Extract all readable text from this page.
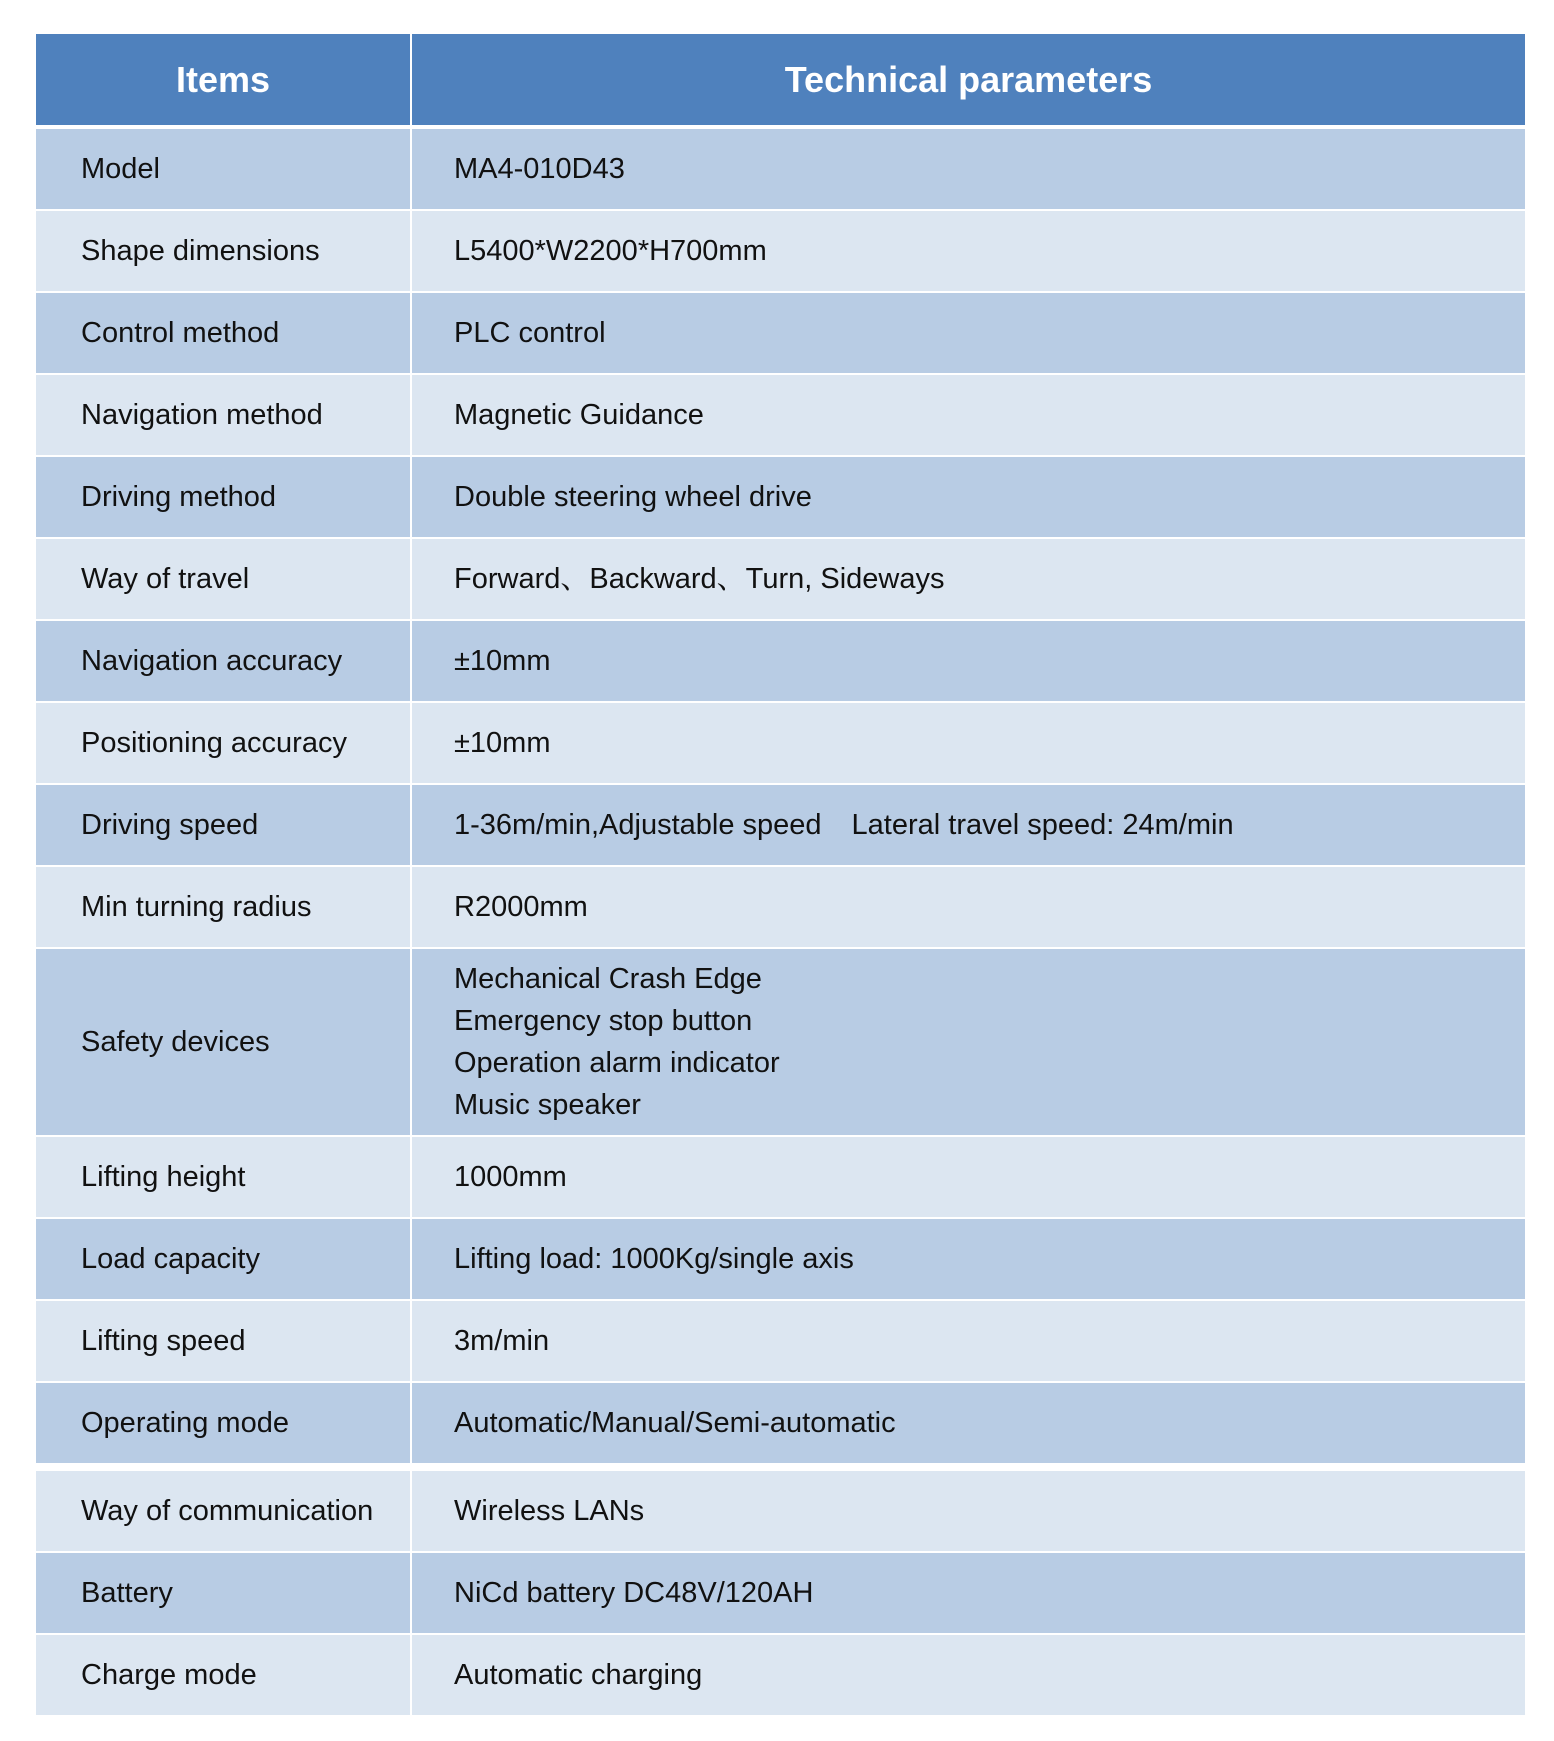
Items	Technical parameters
Model	MA4-010D43
Shape dimensions	L5400*W2200*H700mm
Control method	PLC control
Navigation method	Magnetic Guidance
Driving method	Double steering wheel drive
Way of travel	Forward、Backward、Turn, Sideways
Navigation accuracy	±10mm
Positioning accuracy	±10mm
Driving speed	1-36m/min,Adjustable speed Lateral travel speed: 24m/min
Min turning radius	R2000mm
Safety devices	Mechanical Crash Edge
Emergency stop button
Operation alarm indicator
Music speaker

Lifting height	1000mm
Load capacity	Lifting load: 1000Kg/single axis
Lifting speed	3m/min
Operating mode	Automatic/Manual/Semi-automatic
Way of communication	Wireless LANs
Battery	NiCd battery DC48V/120AH
Charge mode	Automatic charging
